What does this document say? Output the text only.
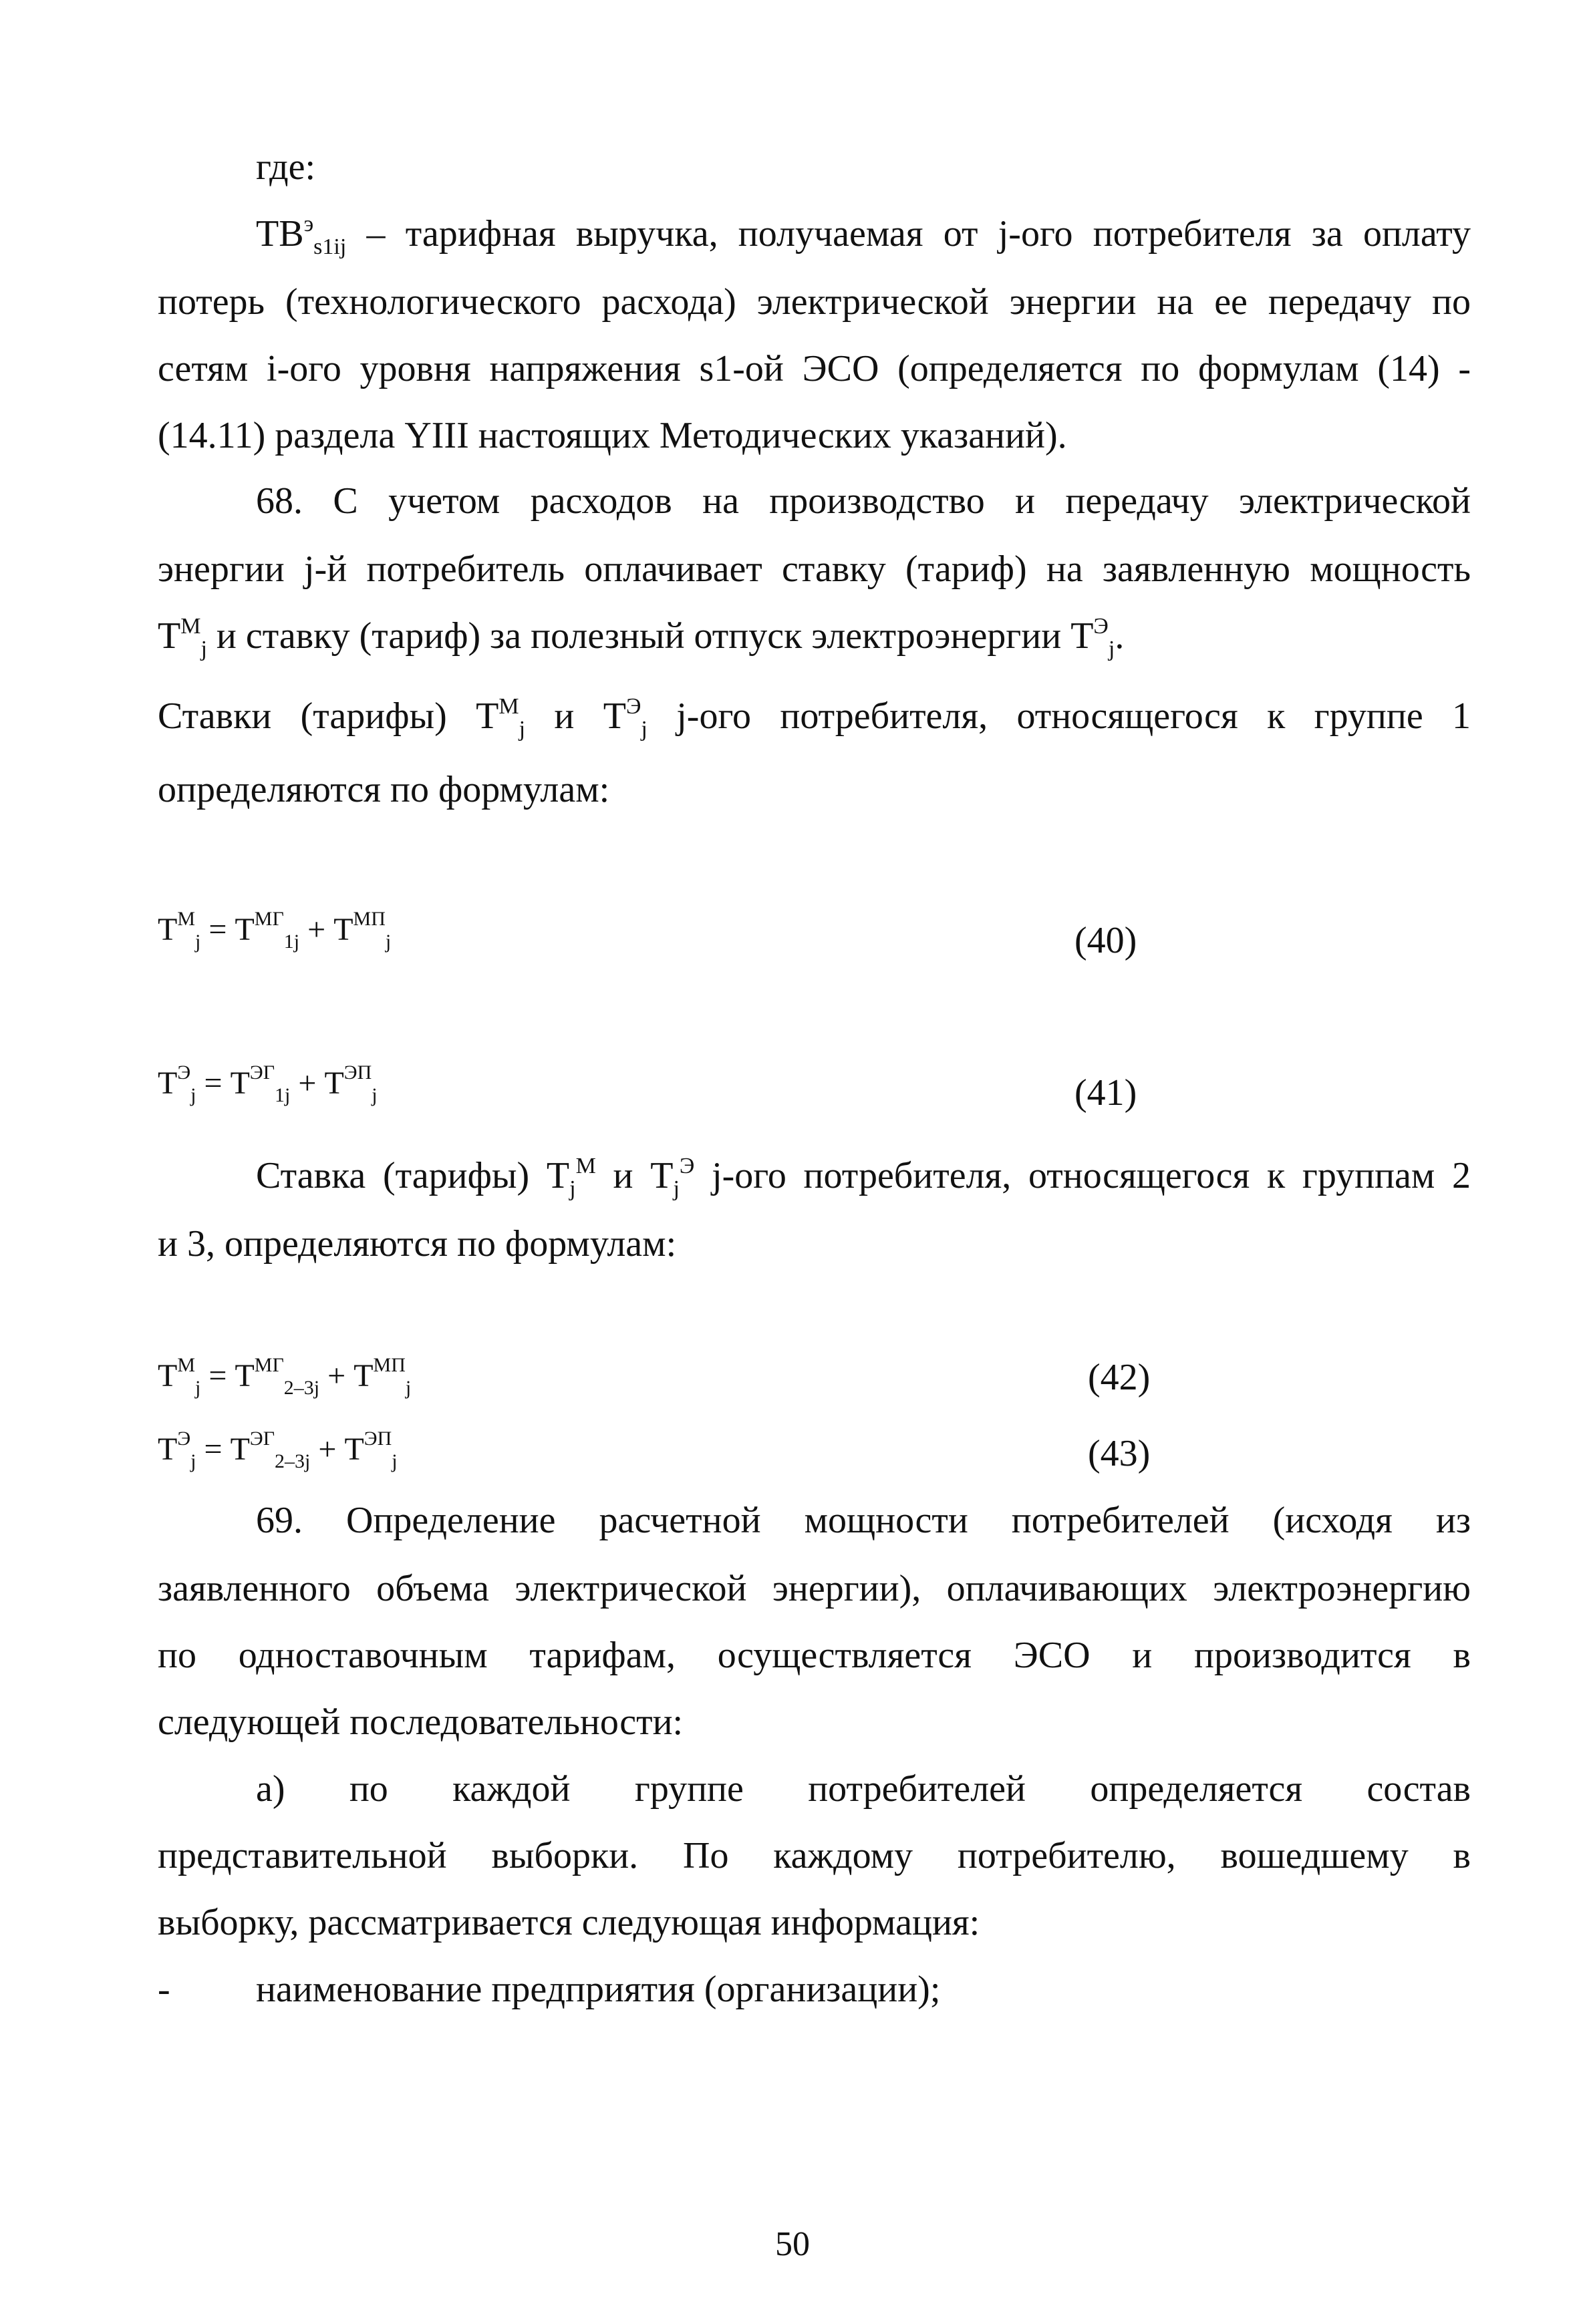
где:
$ТВ^э_{s1ij}$ – тарифная выручка, получаемая от j-ого потребителя за оплату
потерь (технологического расхода) электрической энергии на ее передачу по
сетям i-ого уровня напряжения s1-ой ЭСО (определяется по формулам (14) -
(14.11) раздела YIII настоящих Методических указаний).
68. С учетом расходов на производство и передачу электрической
энергии j-й потребитель оплачивает ставку (тариф) на заявленную мощность
$Т^М_j$ и ставку (тариф) за полезный отпуск электроэнергии $Т^Э_j$.
Ставки (тарифы) $Т^М_j$ и $Т^Э_j$ j-ого потребителя, относящегося к группе 1
определяются по формулам:
$Т^М_j = Т^{МГ}_{1j} + Т^{МП}_j$	(40)
$Т^Э_j = Т^{ЭГ}_{1j} + Т^{ЭП}_j$	(41)
Ставка (тарифы) $Т_j^М$ и $Т_j^Э$ j-ого потребителя, относящегося к группам 2
и 3, определяются по формулам:
$Т^М_j = Т^{МГ}_{2-3j} + Т^{МП}_j$	(42)
$Т^Э_j = Т^{ЭГ}_{2-3j} + Т^{ЭП}_j$	(43)
69. Определение расчетной мощности потребителей (исходя из
заявленного объема электрической энергии), оплачивающих электроэнергию
по одноставочным тарифам, осуществляется ЭСО и производится в
следующей последовательности:
а) по каждой группе потребителей определяется состав
представительной выборки. По каждому потребителю, вошедшему в
выборку, рассматривается следующая информация:
- наименование предприятия (организации);
50
